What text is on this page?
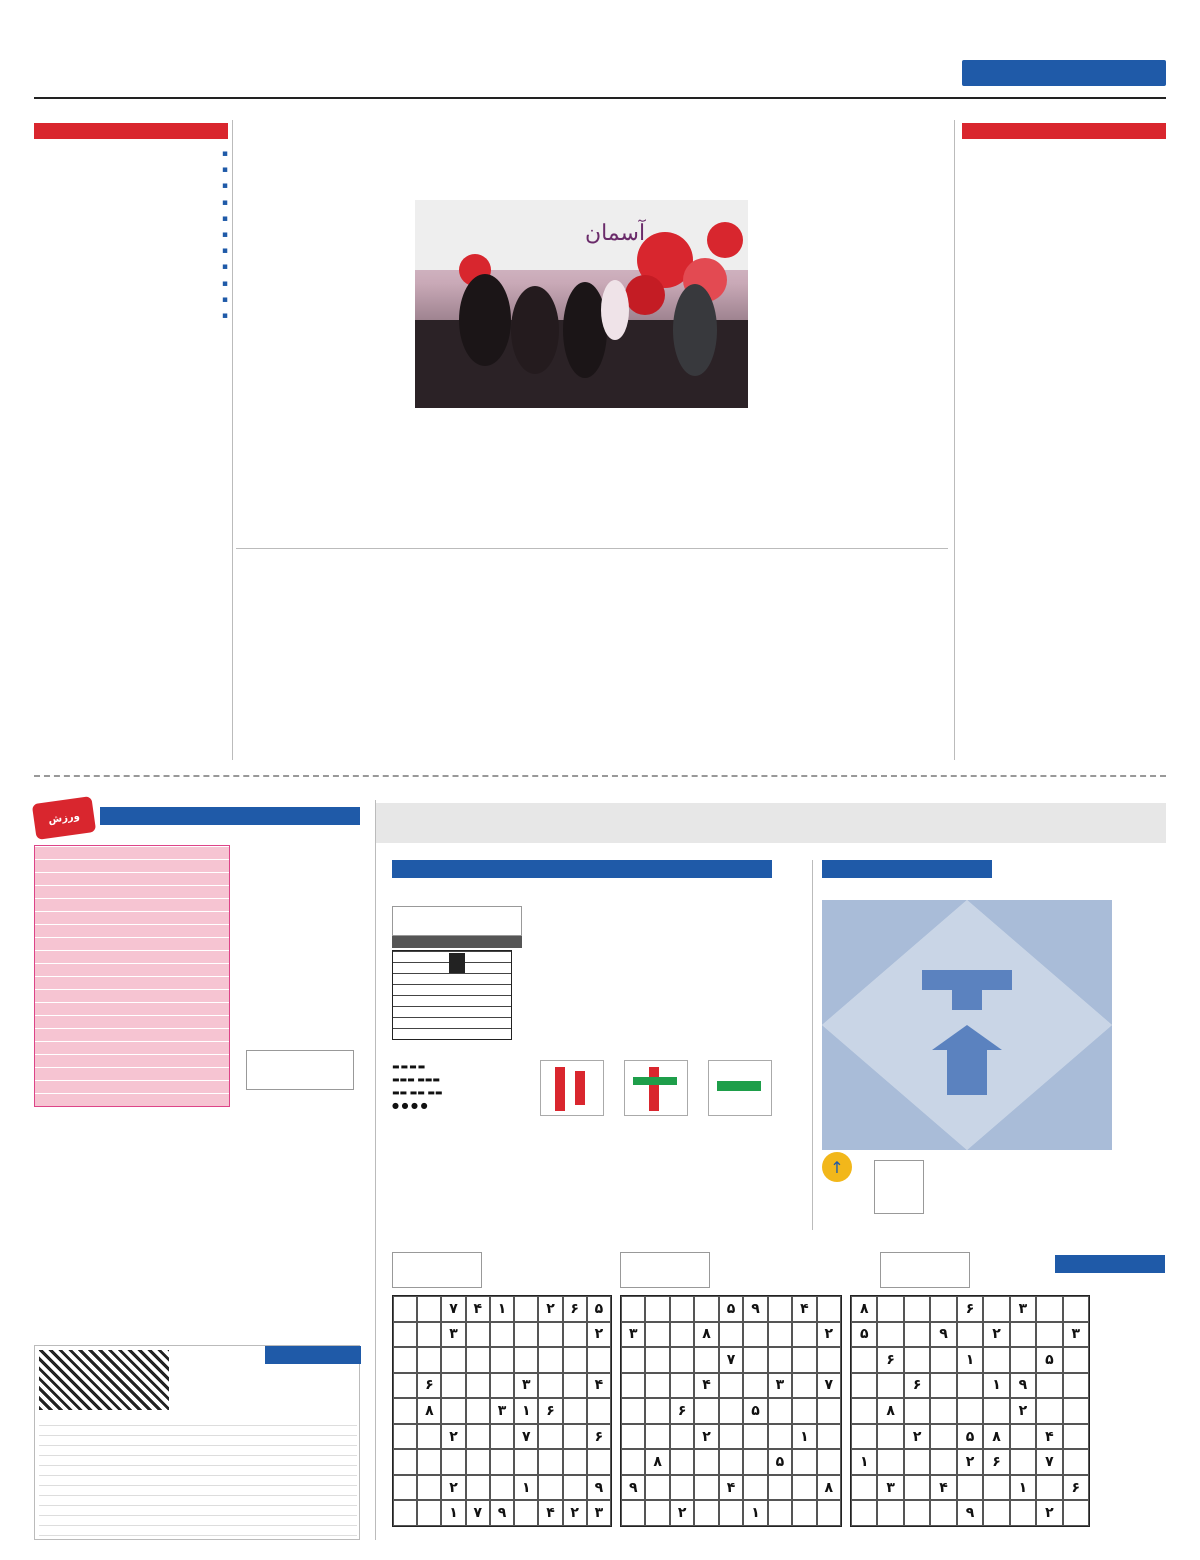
آسمان
▪
▪
▪
▪
▪
▪
▪
▪
▪
▪
▪
↑
▬▬▬▬
▬▬▬ ▬▬▬
▬▬ ▬▬ ▬▬
● ● ● ●
۳
۶
۸
۳
۲
۹
۵
۵
۱
۶
۹
۱
۶
۲
۸
۴
۸
۵
۲
۷
۶
۲
۱
۶
۱
۴
۳
۲
۹
۴
۹
۵
۲
۸
۳
۷
۷
۳
۴
۵
۶
۱
۲
۵
۸
۸
۴
۹
۱
۲
۵
۶
۲
۱
۴
۷
۲
۳
۴
۳
۶
۶
۱
۳
۸
۶
۷
۲
۹
۱
۲
۳
۲
۴
۹
۷
۱
ورزش
